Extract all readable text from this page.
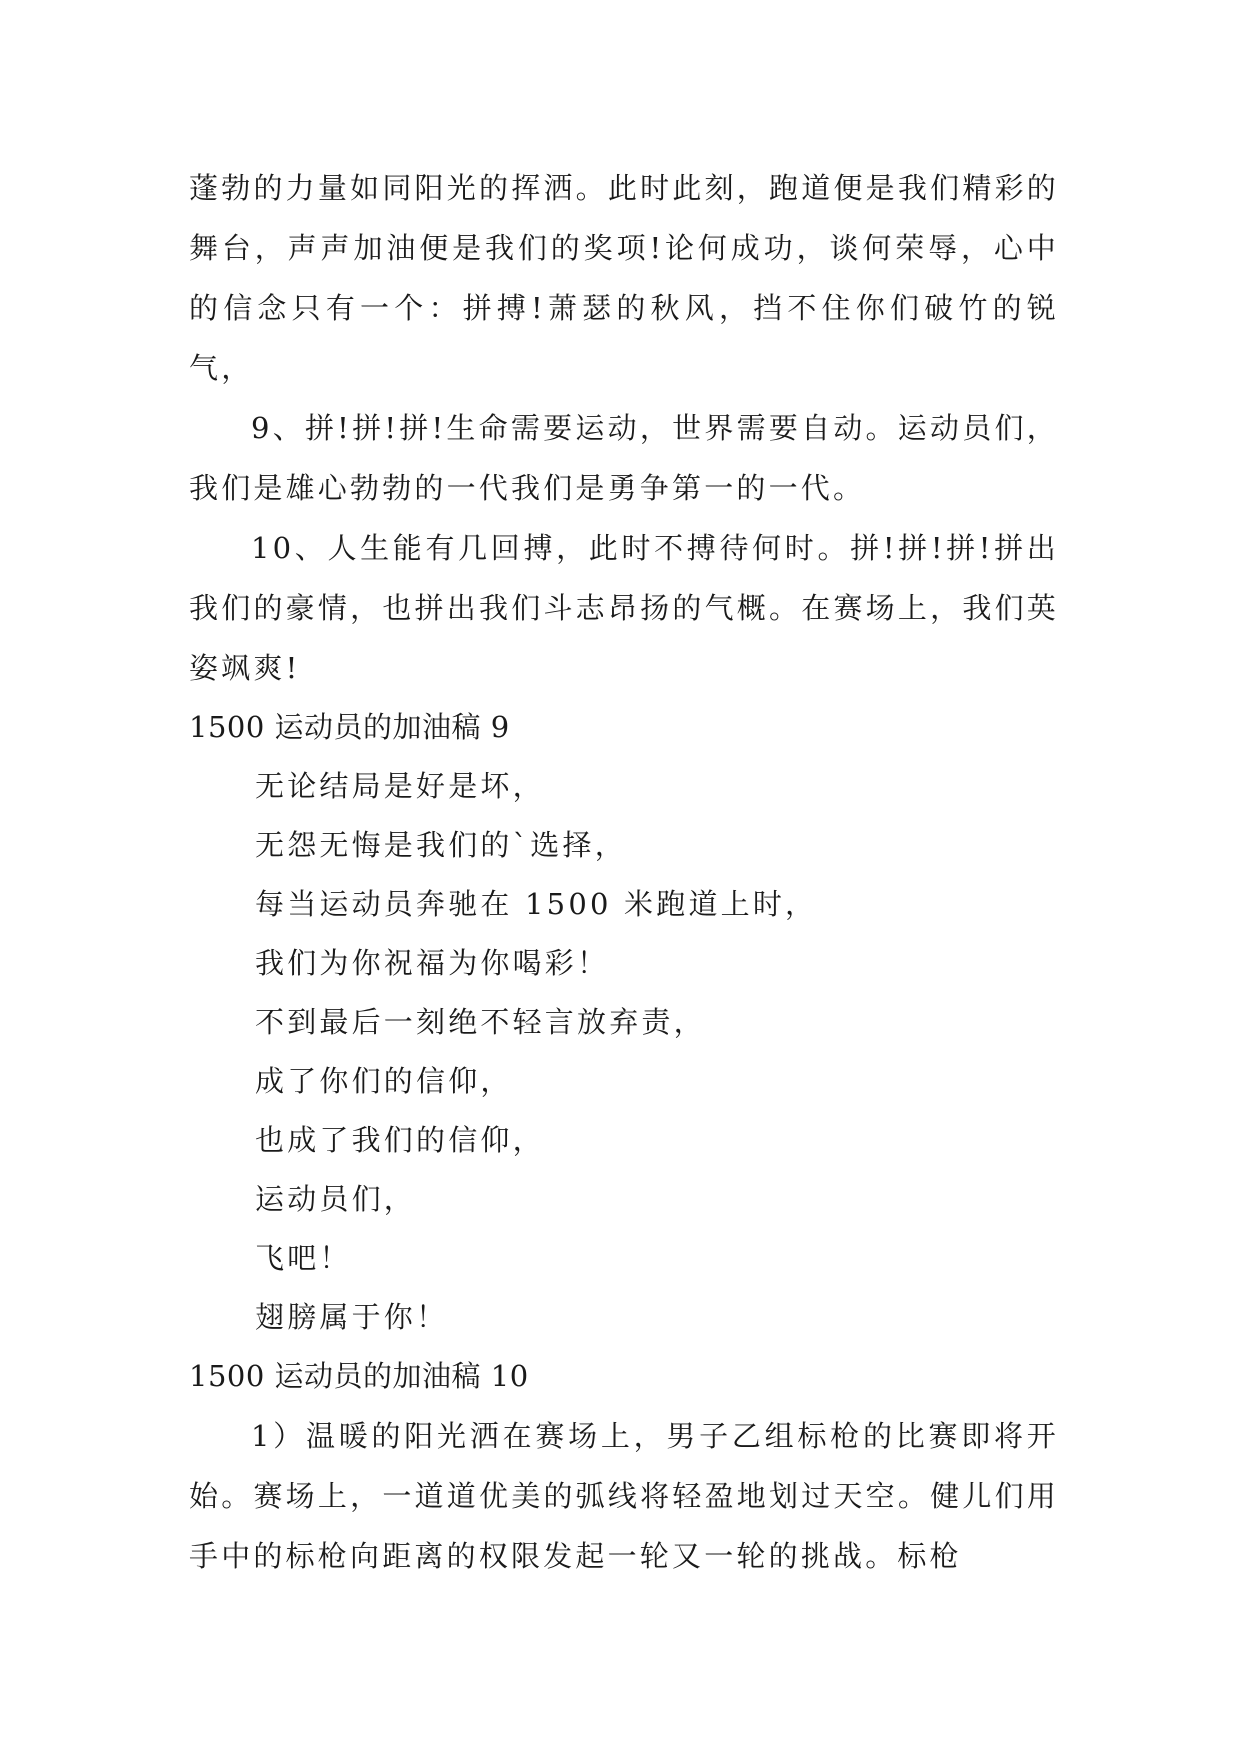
蓬勃的力量如同阳光的挥洒。此时此刻，跑道便是我们精彩的舞台，声声加油便是我们的奖项!论何成功，谈何荣辱，心中的信念只有一个：拼搏!萧瑟的秋风，挡不住你们破竹的锐气，

9、拼!拼!拼!生命需要运动，世界需要自动。运动员们，我们是雄心勃勃的一代我们是勇争第一的一代。

10、人生能有几回搏，此时不搏待何时。拼!拼!拼!拼出我们的豪情，也拼出我们斗志昂扬的气概。在赛场上，我们英姿飒爽!

1500 运动员的加油稿 9

无论结局是好是坏，

无怨无悔是我们的`选择，

每当运动员奔驰在 1500 米跑道上时，

我们为你祝福为你喝彩！

不到最后一刻绝不轻言放弃责，

成了你们的信仰，

也成了我们的信仰，

运动员们，

飞吧！

翅膀属于你！

1500 运动员的加油稿 10

1）温暖的阳光洒在赛场上，男子乙组标枪的比赛即将开始。赛场上，一道道优美的弧线将轻盈地划过天空。健儿们用手中的标枪向距离的权限发起一轮又一轮的挑战。标枪
